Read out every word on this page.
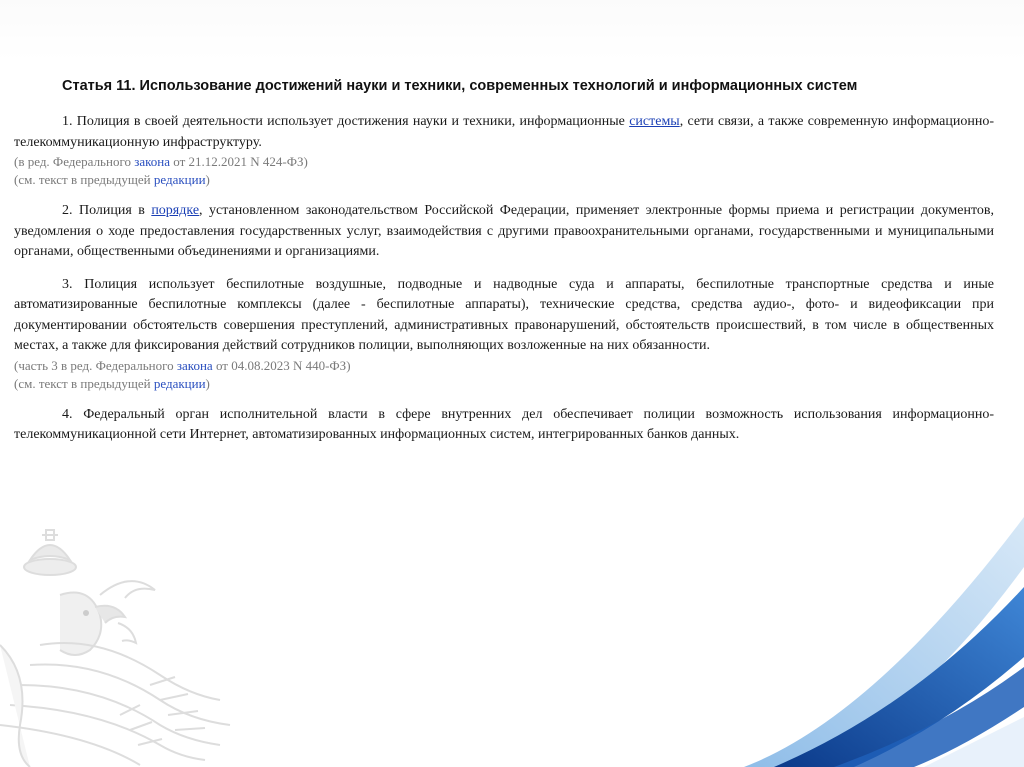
Статья 11. Использование достижений науки и техники, современных технологий и информационных систем

1. Полиция в своей деятельности использует достижения науки и техники, информационные системы, сети связи, а также современную информационно-телекоммуникационную инфраструктуру.

(в ред. Федерального закона от 21.12.2021 N 424-ФЗ)

(см. текст в предыдущей редакции)

2. Полиция в порядке, установленном законодательством Российской Федерации, применяет электронные формы приема и регистрации документов, уведомления о ходе предоставления государственных услуг, взаимодействия с другими правоохранительными органами, государственными и муниципальными органами, общественными объединениями и организациями.

3. Полиция использует беспилотные воздушные, подводные и надводные суда и аппараты, беспилотные транспортные средства и иные автоматизированные беспилотные комплексы (далее - беспилотные аппараты), технические средства, средства аудио-, фото- и видеофиксации при документировании обстоятельств совершения преступлений, административных правонарушений, обстоятельств происшествий, в том числе в общественных местах, а также для фиксирования действий сотрудников полиции, выполняющих возложенные на них обязанности.

(часть 3 в ред. Федерального закона от 04.08.2023 N 440-ФЗ)

(см. текст в предыдущей редакции)

4. Федеральный орган исполнительной власти в сфере внутренних дел обеспечивает полиции возможность использования информационно-телекоммуникационной сети Интернет, автоматизированных информационных систем, интегрированных банков данных.
